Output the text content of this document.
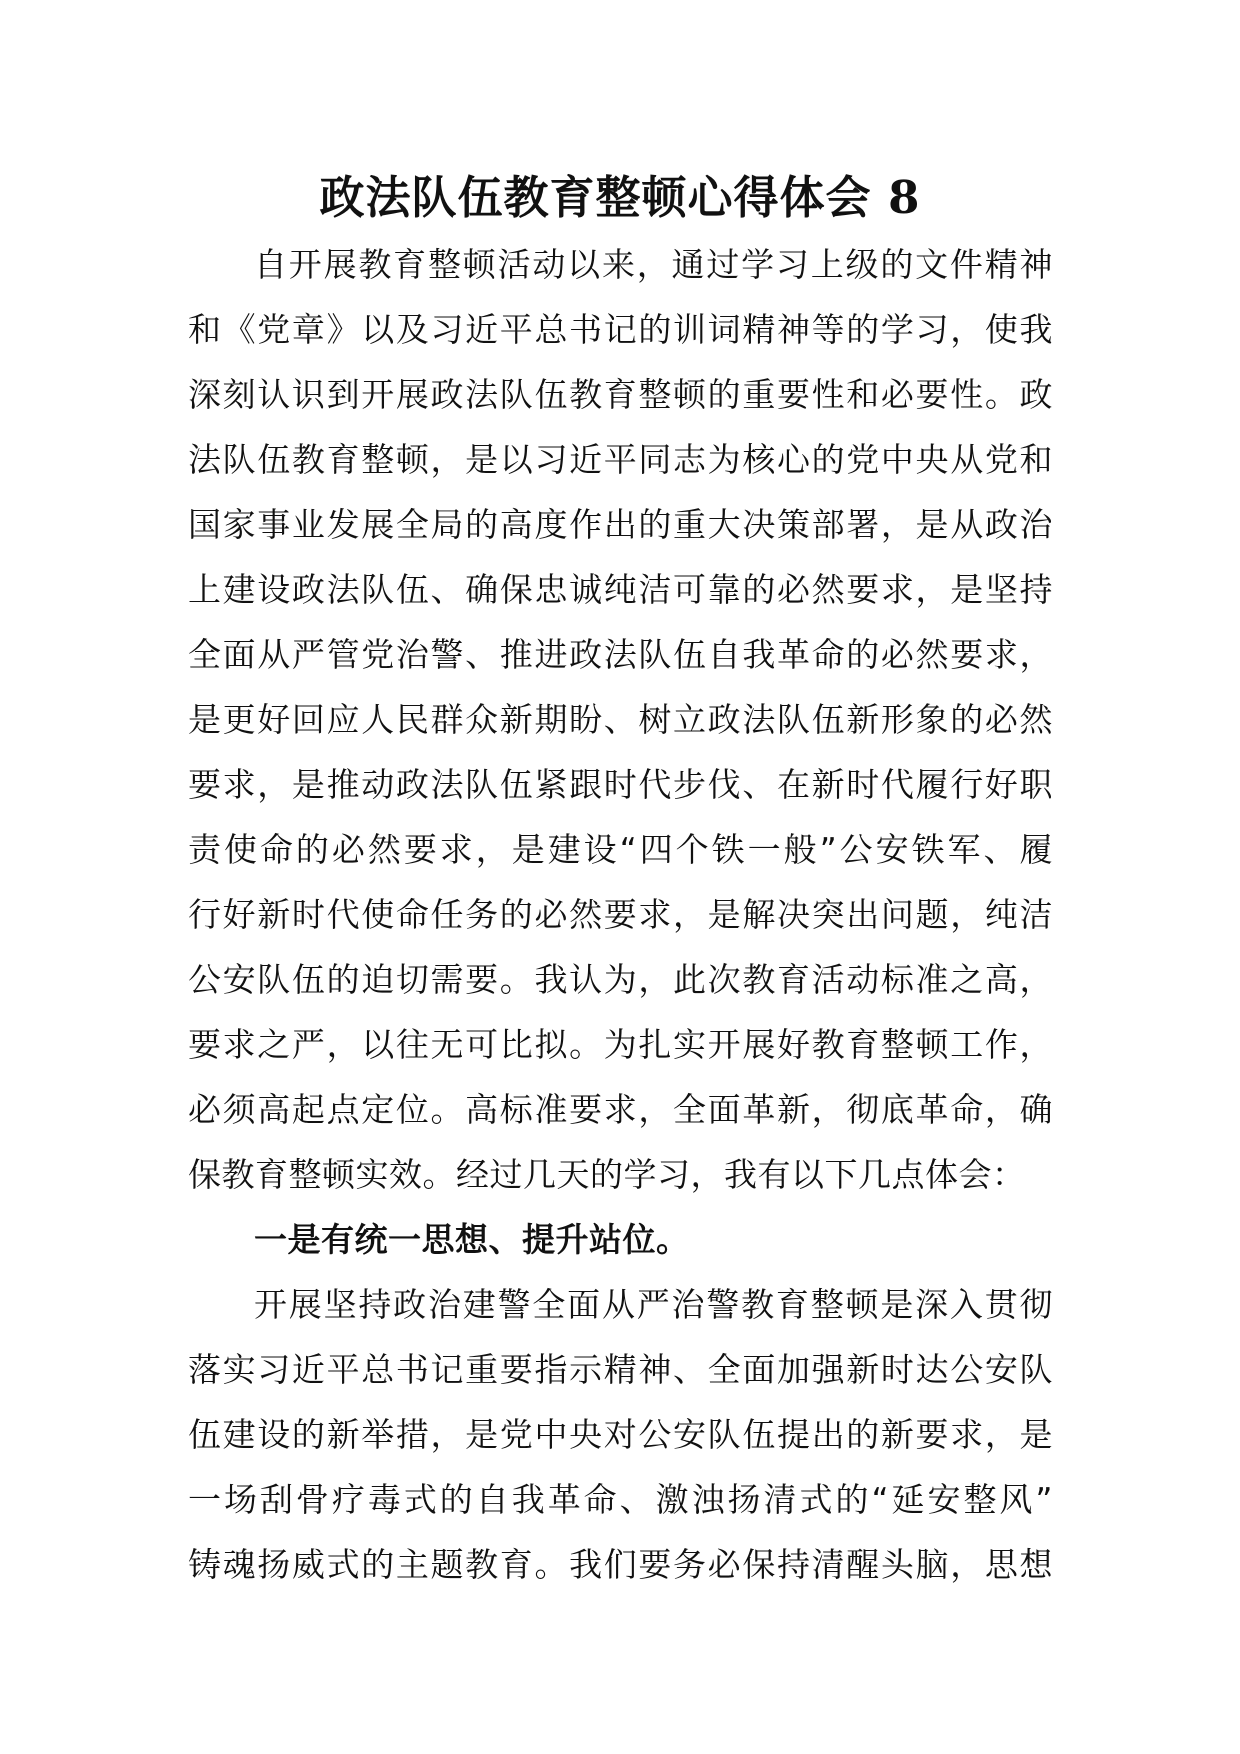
政法队伍教育整顿心得体会 8
自开展教育整顿活动以来，通过学习上级的文件精神
和《党章》以及习近平总书记的训词精神等的学习，使我
深刻认识到开展政法队伍教育整顿的重要性和必要性。政
法队伍教育整顿，是以习近平同志为核心的党中央从党和
国家事业发展全局的高度作出的重大决策部署，是从政治
上建设政法队伍、确保忠诚纯洁可靠的必然要求，是坚持
全面从严管党治警、推进政法队伍自我革命的必然要求，
是更好回应人民群众新期盼、树立政法队伍新形象的必然
要求，是推动政法队伍紧跟时代步伐、在新时代履行好职
责使命的必然要求，是建设“四个铁一般”公安铁军、履
行好新时代使命任务的必然要求，是解决突出问题，纯洁
公安队伍的迫切需要。我认为，此次教育活动标准之高，
要求之严，以往无可比拟。为扎实开展好教育整顿工作，
必须高起点定位。高标准要求，全面革新，彻底革命，确
保教育整顿实效。经过几天的学习，我有以下几点体会：
一是有统一思想、提升站位。
开展坚持政治建警全面从严治警教育整顿是深入贯彻
落实习近平总书记重要指示精神、全面加强新时达公安队
伍建设的新举措，是党中央对公安队伍提出的新要求，是
一场刮骨疗毒式的自我革命、激浊扬清式的“延安整风”
铸魂扬威式的主题教育。我们要务必保持清醒头脑，思想
